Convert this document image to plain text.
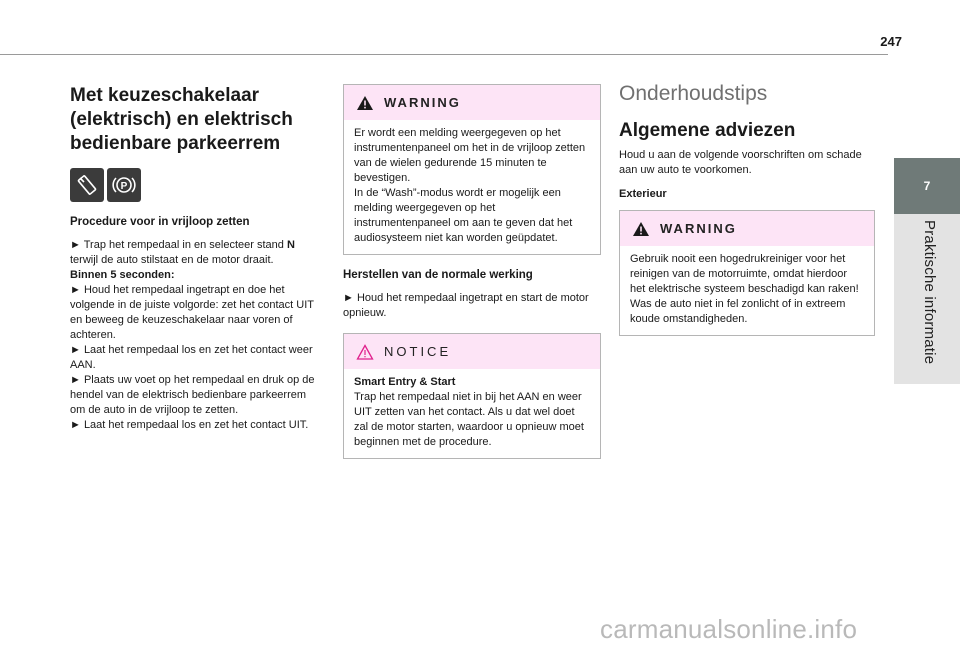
247
7
Praktische informatie
Met keuzeschakelaar
(elektrisch) en elektrisch
bedienbare parkeerrem
P
Procedure voor in vrijloop zetten

► Trap het rempedaal in en selecteer stand N terwijl de auto stilstaat en de motor draait.
Binnen 5 seconden:
► Houd het rempedaal ingetrapt en doe het volgende in de juiste volgorde: zet het contact UIT en beweeg de keuzeschakelaar naar voren of achteren.
► Laat het rempedaal los en zet het contact weer AAN.
► Plaats uw voet op het rempedaal en druk op de hendel van de elektrisch bedienbare parkeerrem om de auto in de vrijloop te zetten.
► Laat het rempedaal los en zet het contact UIT.

WARNING
Er wordt een melding weergegeven op het instrumentenpaneel om het in de vrijloop zetten van de wielen gedurende 15 minuten te bevestigen.
In de “Wash”-modus wordt er mogelijk een melding weergegeven op het instrumentenpaneel om aan te geven dat het audiosysteem niet kan worden geüpdatet.
Herstellen van de normale werking

► Houd het rempedaal ingetrapt en start de motor opnieuw.

NOTICE
Smart Entry & Start
Trap het rempedaal niet in bij het AAN en weer UIT zetten van het contact. Als u dat wel doet zal de motor starten, waardoor u opnieuw moet beginnen met de procedure.
Onderhoudstips
Algemene adviezen

Houd u aan de volgende voorschriften om schade aan uw auto te voorkomen.

Exterieur
WARNING
Gebruik nooit een hogedrukreiniger voor het reinigen van de motorruimte, omdat hierdoor het elektrische systeem beschadigd kan raken!
Was de auto niet in fel zonlicht of in extreem koude omstandigheden.
carmanualsonline.info
